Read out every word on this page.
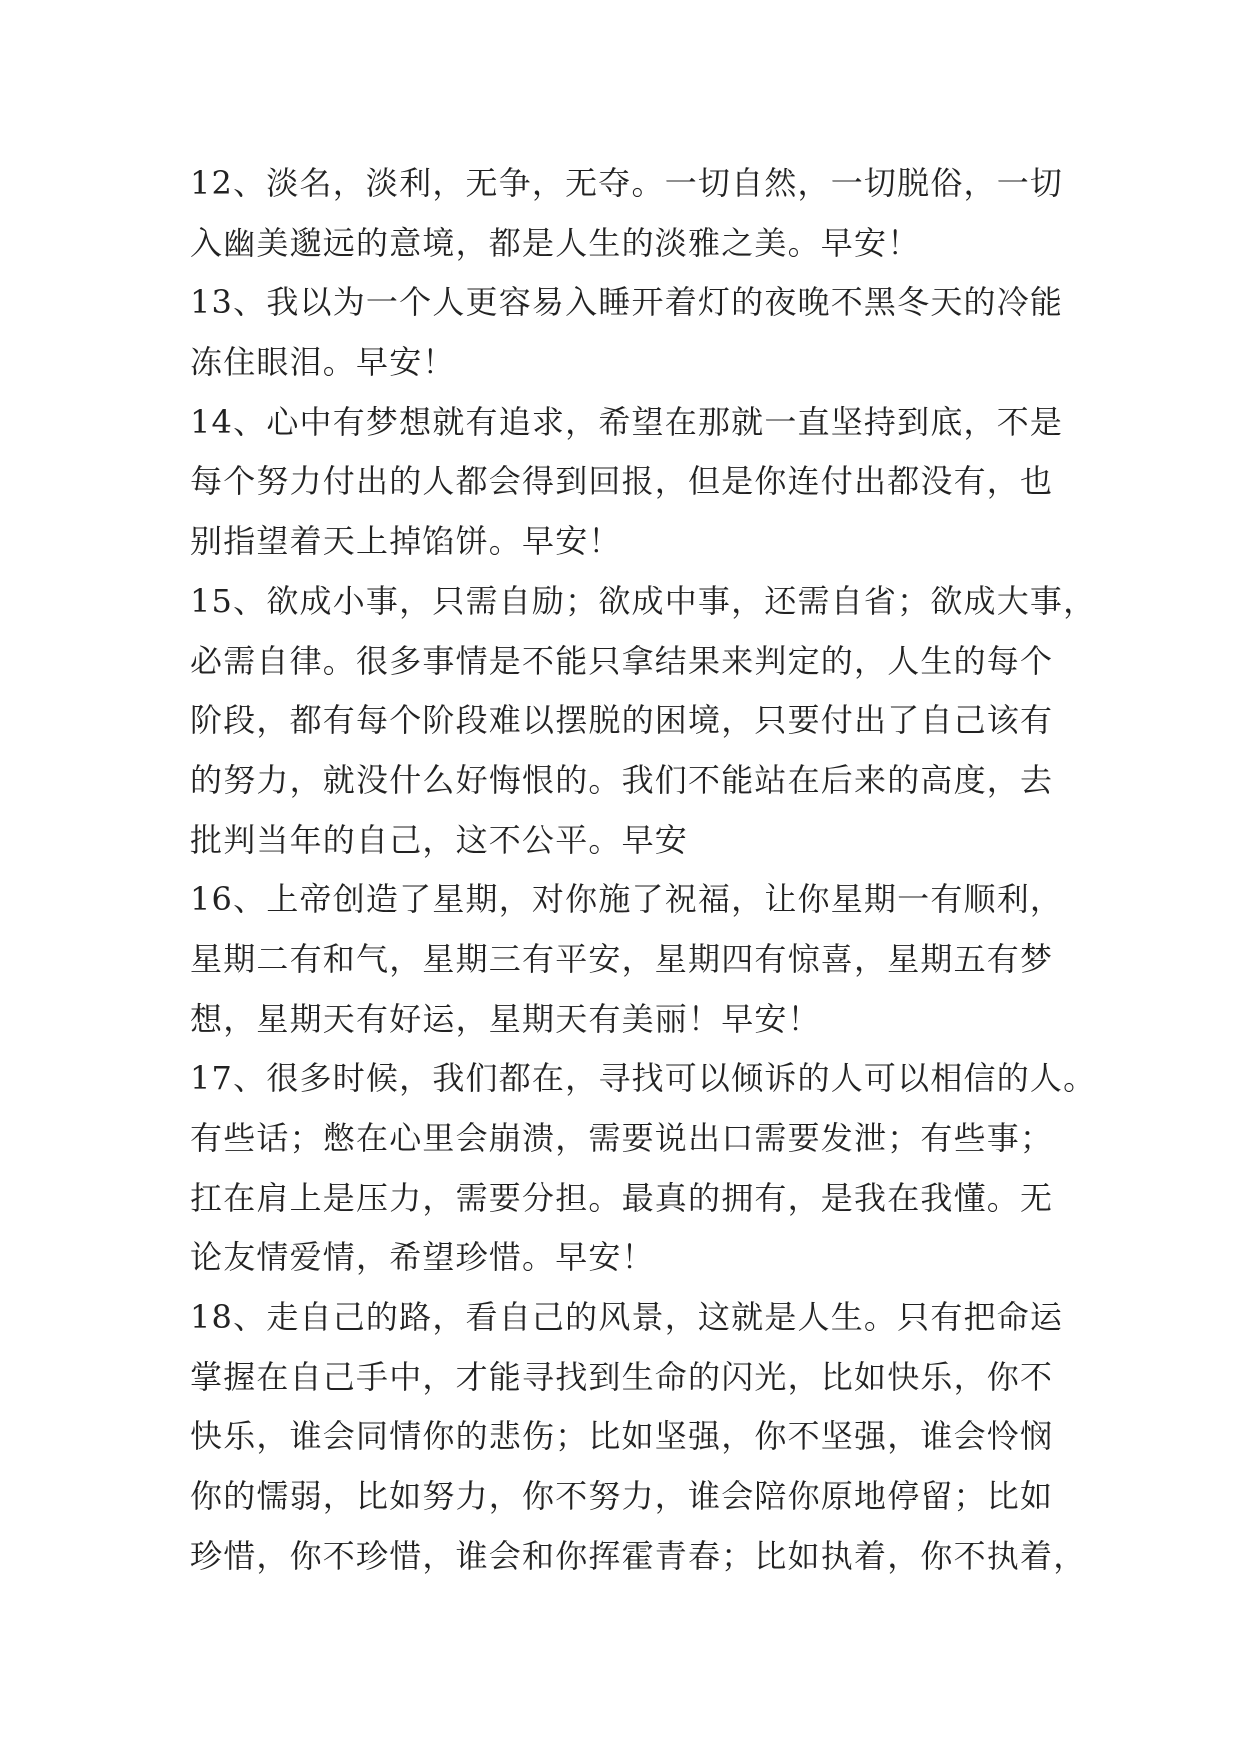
12、淡名，淡利，无争，无夺。一切自然，一切脱俗，一切
入幽美邈远的意境，都是人生的淡雅之美。早安！
13、我以为一个人更容易入睡开着灯的夜晚不黑冬天的冷能
冻住眼泪。早安！
14、心中有梦想就有追求，希望在那就一直坚持到底，不是
每个努力付出的人都会得到回报，但是你连付出都没有，也
别指望着天上掉馅饼。早安！
15、欲成小事，只需自励；欲成中事，还需自省；欲成大事，
必需自律。很多事情是不能只拿结果来判定的，人生的每个
阶段，都有每个阶段难以摆脱的困境，只要付出了自己该有
的努力，就没什么好悔恨的。我们不能站在后来的高度，去
批判当年的自己，这不公平。早安
16、上帝创造了星期，对你施了祝福，让你星期一有顺利，
星期二有和气，星期三有平安，星期四有惊喜，星期五有梦
想，星期天有好运，星期天有美丽！早安！
17、很多时候，我们都在，寻找可以倾诉的人可以相信的人。
有些话；憋在心里会崩溃，需要说出口需要发泄；有些事；
扛在肩上是压力，需要分担。最真的拥有，是我在我懂。无
论友情爱情，希望珍惜。早安！
18、走自己的路，看自己的风景，这就是人生。只有把命运
掌握在自己手中，才能寻找到生命的闪光，比如快乐，你不
快乐，谁会同情你的悲伤；比如坚强，你不坚强，谁会怜悯
你的懦弱，比如努力，你不努力，谁会陪你原地停留；比如
珍惜，你不珍惜，谁会和你挥霍青春；比如执着，你不执着，
